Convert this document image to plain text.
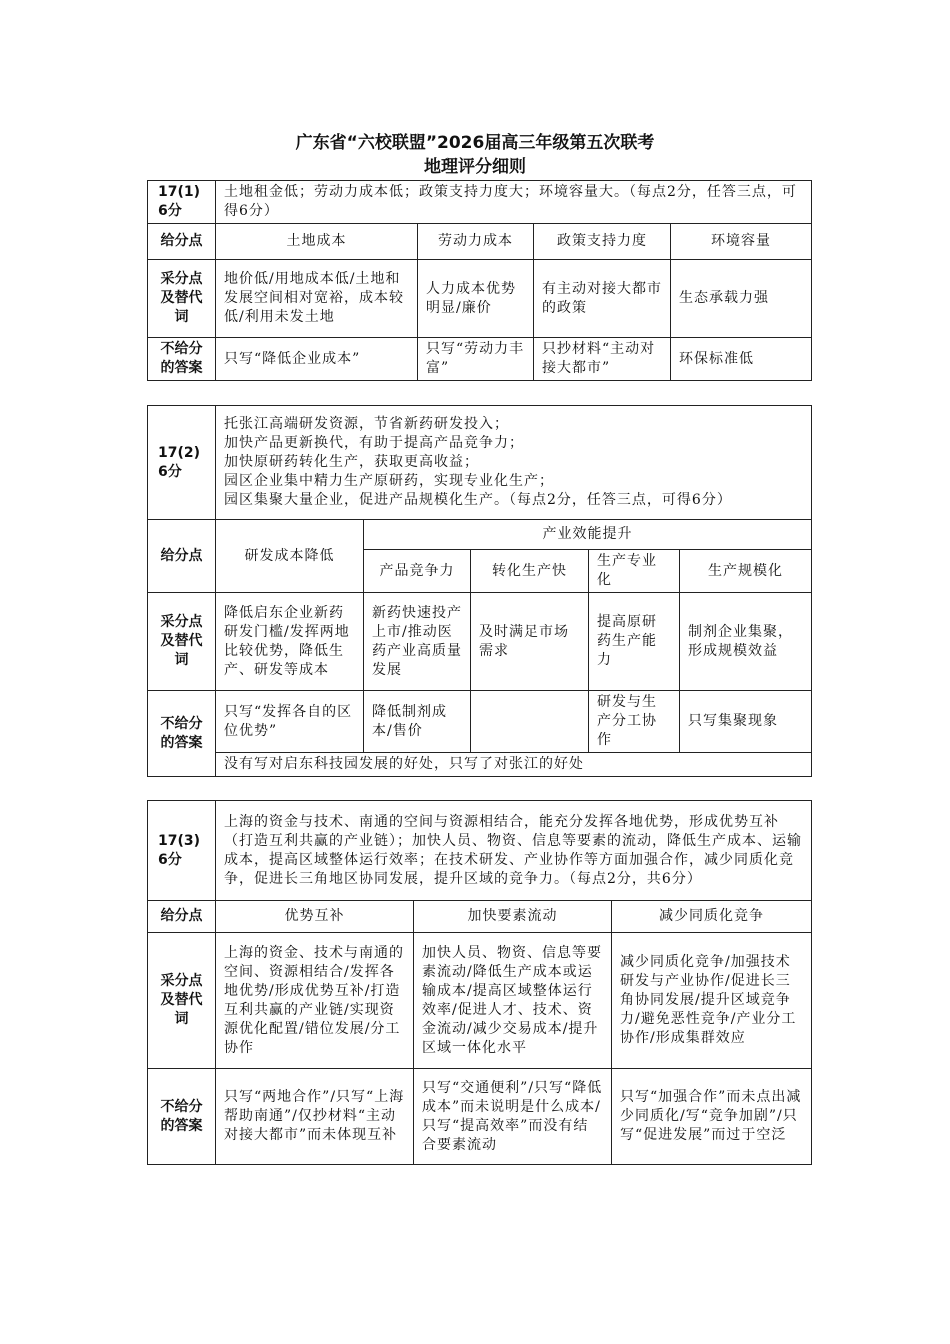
广东省“六校联盟”2026届高三年级第五次联考
地理评分细则
17(1)
6分	土地租金低；劳动力成本低；政策支持力度大；环境容量大。（每点2分，任答三点，可得6分）			
给分点	土地成本	劳动力成本	政策支持力度	环境容量
采分点
及替代
词	地价低/用地成本低/土地和发展空间相对宽裕，成本较低/利用未发土地	人力成本优势明显/廉价	有主动对接大都市的政策	生态承载力强
不给分
的答案	只写“降低企业成本”	只写“劳动力丰富”	只抄材料“主动对接大都市”	环保标准低
17(2)
6分	托张江高端研发资源，节省新药研发投入；
加快产品更新换代，有助于提高产品竞争力；
加快原研药转化生产，获取更高收益；
园区企业集中精力生产原研药，实现专业化生产；
园区集聚大量企业，促进产品规模化生产。（每点2分，任答三点，可得6分）				
给分点	研发成本降低	产业效能提升			
		产品竞争力	转化生产快	生产专业化	生产规模化
采分点
及替代
词	降低启东企业新药研发门槛/发挥两地比较优势，降低生产、研发等成本	新药快速投产上市/推动医药产业高质量发展	及时满足市场需求	提高原研药生产能力	制剂企业集聚，
形成规模效益
不给分
的答案	只写“发挥各自的区位优势”	降低制剂成本/售价		研发与生产分工协作	只写集聚现象
	没有写对启东科技园发展的好处，只写了对张江的好处				
17(3)
6分	上海的资金与技术、南通的空间与资源相结合，能充分发挥各地优势，形成优势互补（打造互利共赢的产业链）；加快人员、物资、信息等要素的流动，降低生产成本、运输成本，提高区域整体运行效率；在技术研发、产业协作等方面加强合作，减少同质化竞争，促进长三角地区协同发展，提升区域的竞争力。（每点2分，共6分）		
给分点	优势互补	加快要素流动	减少同质化竞争
采分点
及替代
词	上海的资金、技术与南通的空间、资源相结合/发挥各地优势/形成优势互补/打造互利共赢的产业链/实现资源优化配置/错位发展/分工协作	加快人员、物资、信息等要素流动/降低生产成本或运输成本/提高区域整体运行效率/促进人才、技术、资金流动/减少交易成本/提升区域一体化水平	减少同质化竞争/加强技术研发与产业协作/促进长三角协同发展/提升区域竞争力/避免恶性竞争/产业分工协作/形成集群效应
不给分
的答案	只写“两地合作”/只写“上海帮助南通”/仅抄材料“主动对接大都市”而未体现互补	只写“交通便利”/只写“降低成本”而未说明是什么成本/只写“提高效率”而没有结合要素流动	只写“加强合作”而未点出减少同质化/写“竞争加剧”/只写“促进发展”而过于空泛
